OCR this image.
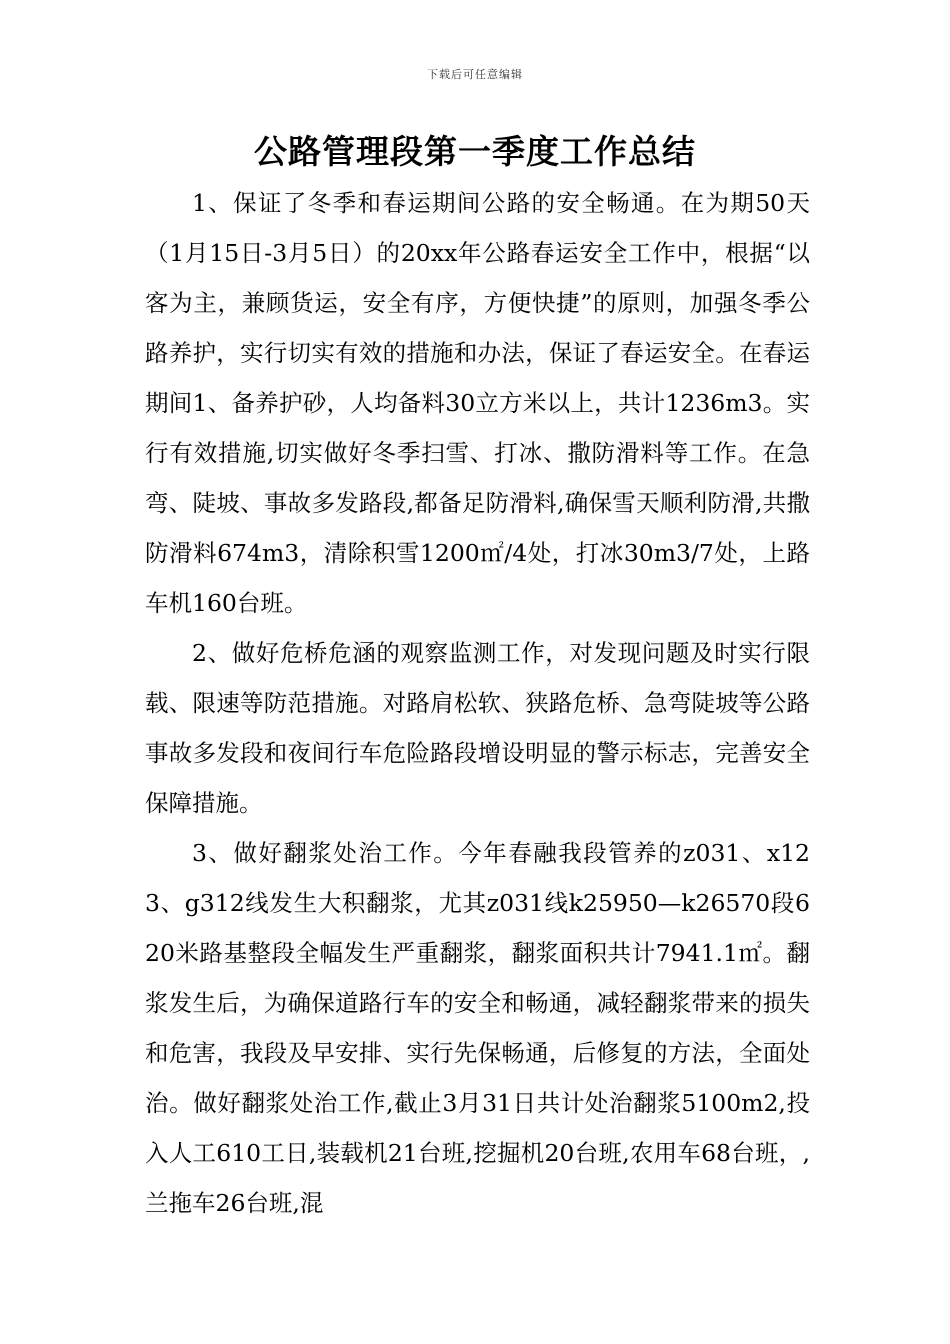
下载后可任意编辑
公路管理段第一季度工作总结

1、保证了冬季和春运期间公路的安全畅通。在为期50天（1月15日-3月5日）的20xx年公路春运安全工作中，根据“以客为主，兼顾货运，安全有序，方便快捷”的原则，加强冬季公路养护，实行切实有效的措施和办法，保证了春运安全。在春运期间1、备养护砂，人均备料30立方米以上，共计1236m3。实行有效措施,切实做好冬季扫雪、打冰、撒防滑料等工作。在急弯、陡坡、事故多发路段,都备足防滑料,确保雪天顺利防滑,共撒防滑料674m3，清除积雪1200㎡/4处，打冰30m3/7处，上路车机160台班。

2、做好危桥危涵的观察监测工作，对发现问题及时实行限载、限速等防范措施。对路肩松软、狭路危桥、急弯陡坡等公路事故多发段和夜间行车危险路段增设明显的警示标志，完善安全保障措施。

3、做好翻浆处治工作。今年春融我段管养的z031、x123、g312线发生大积翻浆，尤其z031线k25950—k26570段620米路基整段全幅发生严重翻浆，翻浆面积共计7941.1㎡。翻浆发生后，为确保道路行车的安全和畅通，减轻翻浆带来的损失和危害，我段及早安排、实行先保畅通，后修复的方法，全面处治。做好翻浆处治工作,截止3月31日共计处治翻浆5100m2,投入人工610工日,装载机21台班,挖掘机20台班,农用车68台班，,兰拖车26台班,混
